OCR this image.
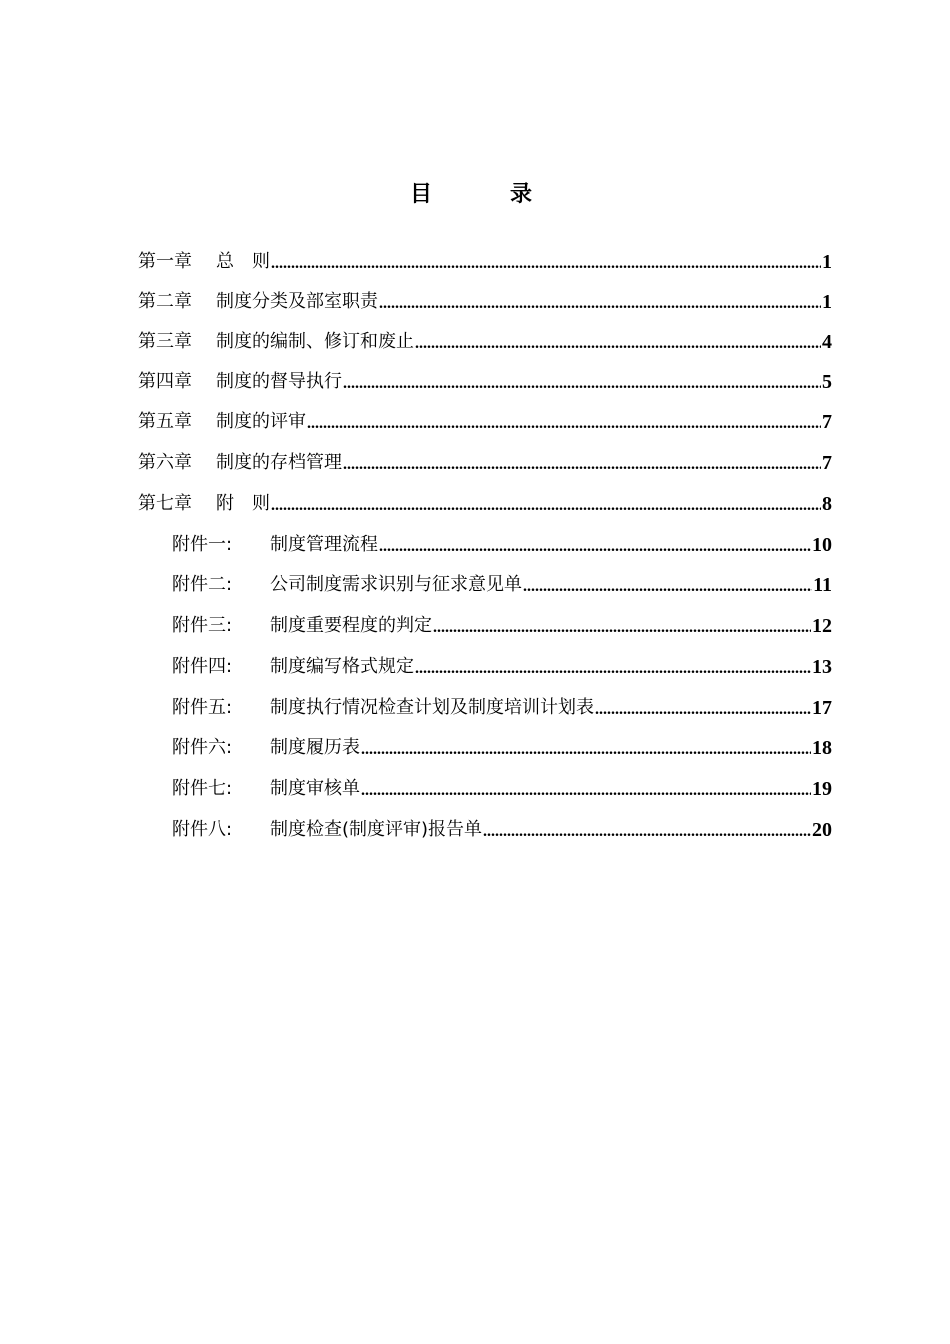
目　录
第一章 总　则 .....	1
第二章 制度分类及部室职责 .....	1
第三章 制度的编制、修订和废止 .....	4
第四章 制度的督导执行 .....	5
第五章 制度的评审 .....	7
第六章 制度的存档管理 .....	7
第七章 附　则 .....	8
附件一: 制度管理流程 .....	10
附件二: 公司制度需求识别与征求意见单 .....	11
附件三: 制度重要程度的判定 .....	12
附件四: 制度编写格式规定 .....	13
附件五: 制度执行情况检查计划及制度培训计划表 .....	17
附件六: 制度履历表 .....	18
附件七: 制度审核单 .....	19
附件八: 制度检查(制度评审)报告单 .....	20
